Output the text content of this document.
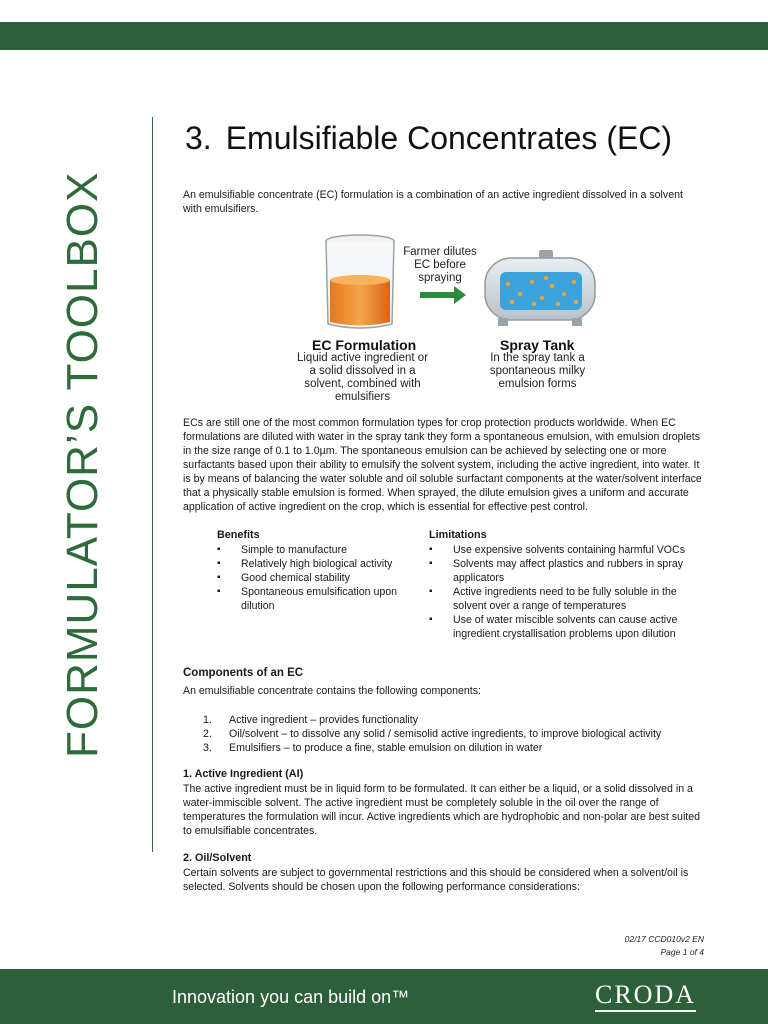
FORMULATOR’S TOOLBOX
3. Emulsifiable Concentrates (EC)

An emulsifiable concentrate (EC) formulation is a combination of an active ingredient dissolved in a solvent with emulsifiers.

Farmer dilutes
EC before
spraying
EC Formulation
Liquid active ingredient or
a solid dissolved in a
solvent, combined with
emulsifiers
Spray Tank
In the spray tank a
spontaneous milky
emulsion forms

ECs are still one of the most common formulation types for crop protection products worldwide. When EC formulations are diluted with water in the spray tank they form a spontaneous emulsion, with emulsion droplets in the size range of 0.1 to 1.0µm. The spontaneous emulsion can be achieved by selecting one or more surfactants based upon their ability to emulsify the solvent system, including the active ingredient, into water. It is by means of balancing the water soluble and oil soluble surfactant components at the water/solvent interface that a physically stable emulsion is formed. When sprayed, the dilute emulsion gives a uniform and accurate application of active ingredient on the crop, which is essential for effective pest control.

Benefits
▪ Simple to manufacture
▪ Relatively high biological activity
▪ Good chemical stability
▪ Spontaneous emulsification upon dilution
Limitations
▪ Use expensive solvents containing harmful VOCs
▪ Solvents may affect plastics and rubbers in spray applicators
▪ Active ingredients need to be fully soluble in the solvent over a range of temperatures
▪ Use of water miscible solvents can cause active ingredient crystallisation problems upon dilution
Components of an EC

An emulsifiable concentrate contains the following components:

1. Active ingredient – provides functionality
2. Oil/solvent – to dissolve any solid / semisolid active ingredients, to improve biological activity
3. Emulsifiers – to produce a fine, stable emulsion on dilution in water
1. Active Ingredient (AI)

The active ingredient must be in liquid form to be formulated. It can either be a liquid, or a solid dissolved in a water-immiscible solvent. The active ingredient must be completely soluble in the oil over the range of temperatures the formulation will incur. Active ingredients which are hydrophobic and non-polar are best suited to emulsifiable concentrates.

2. Oil/Solvent

Certain solvents are subject to governmental restrictions and this should be considered when a solvent/oil is selected. Solvents should be chosen upon the following performance considerations:

02/17 CCD010v2 EN
Page 1 of 4
Innovation you can build on™	CRODA
